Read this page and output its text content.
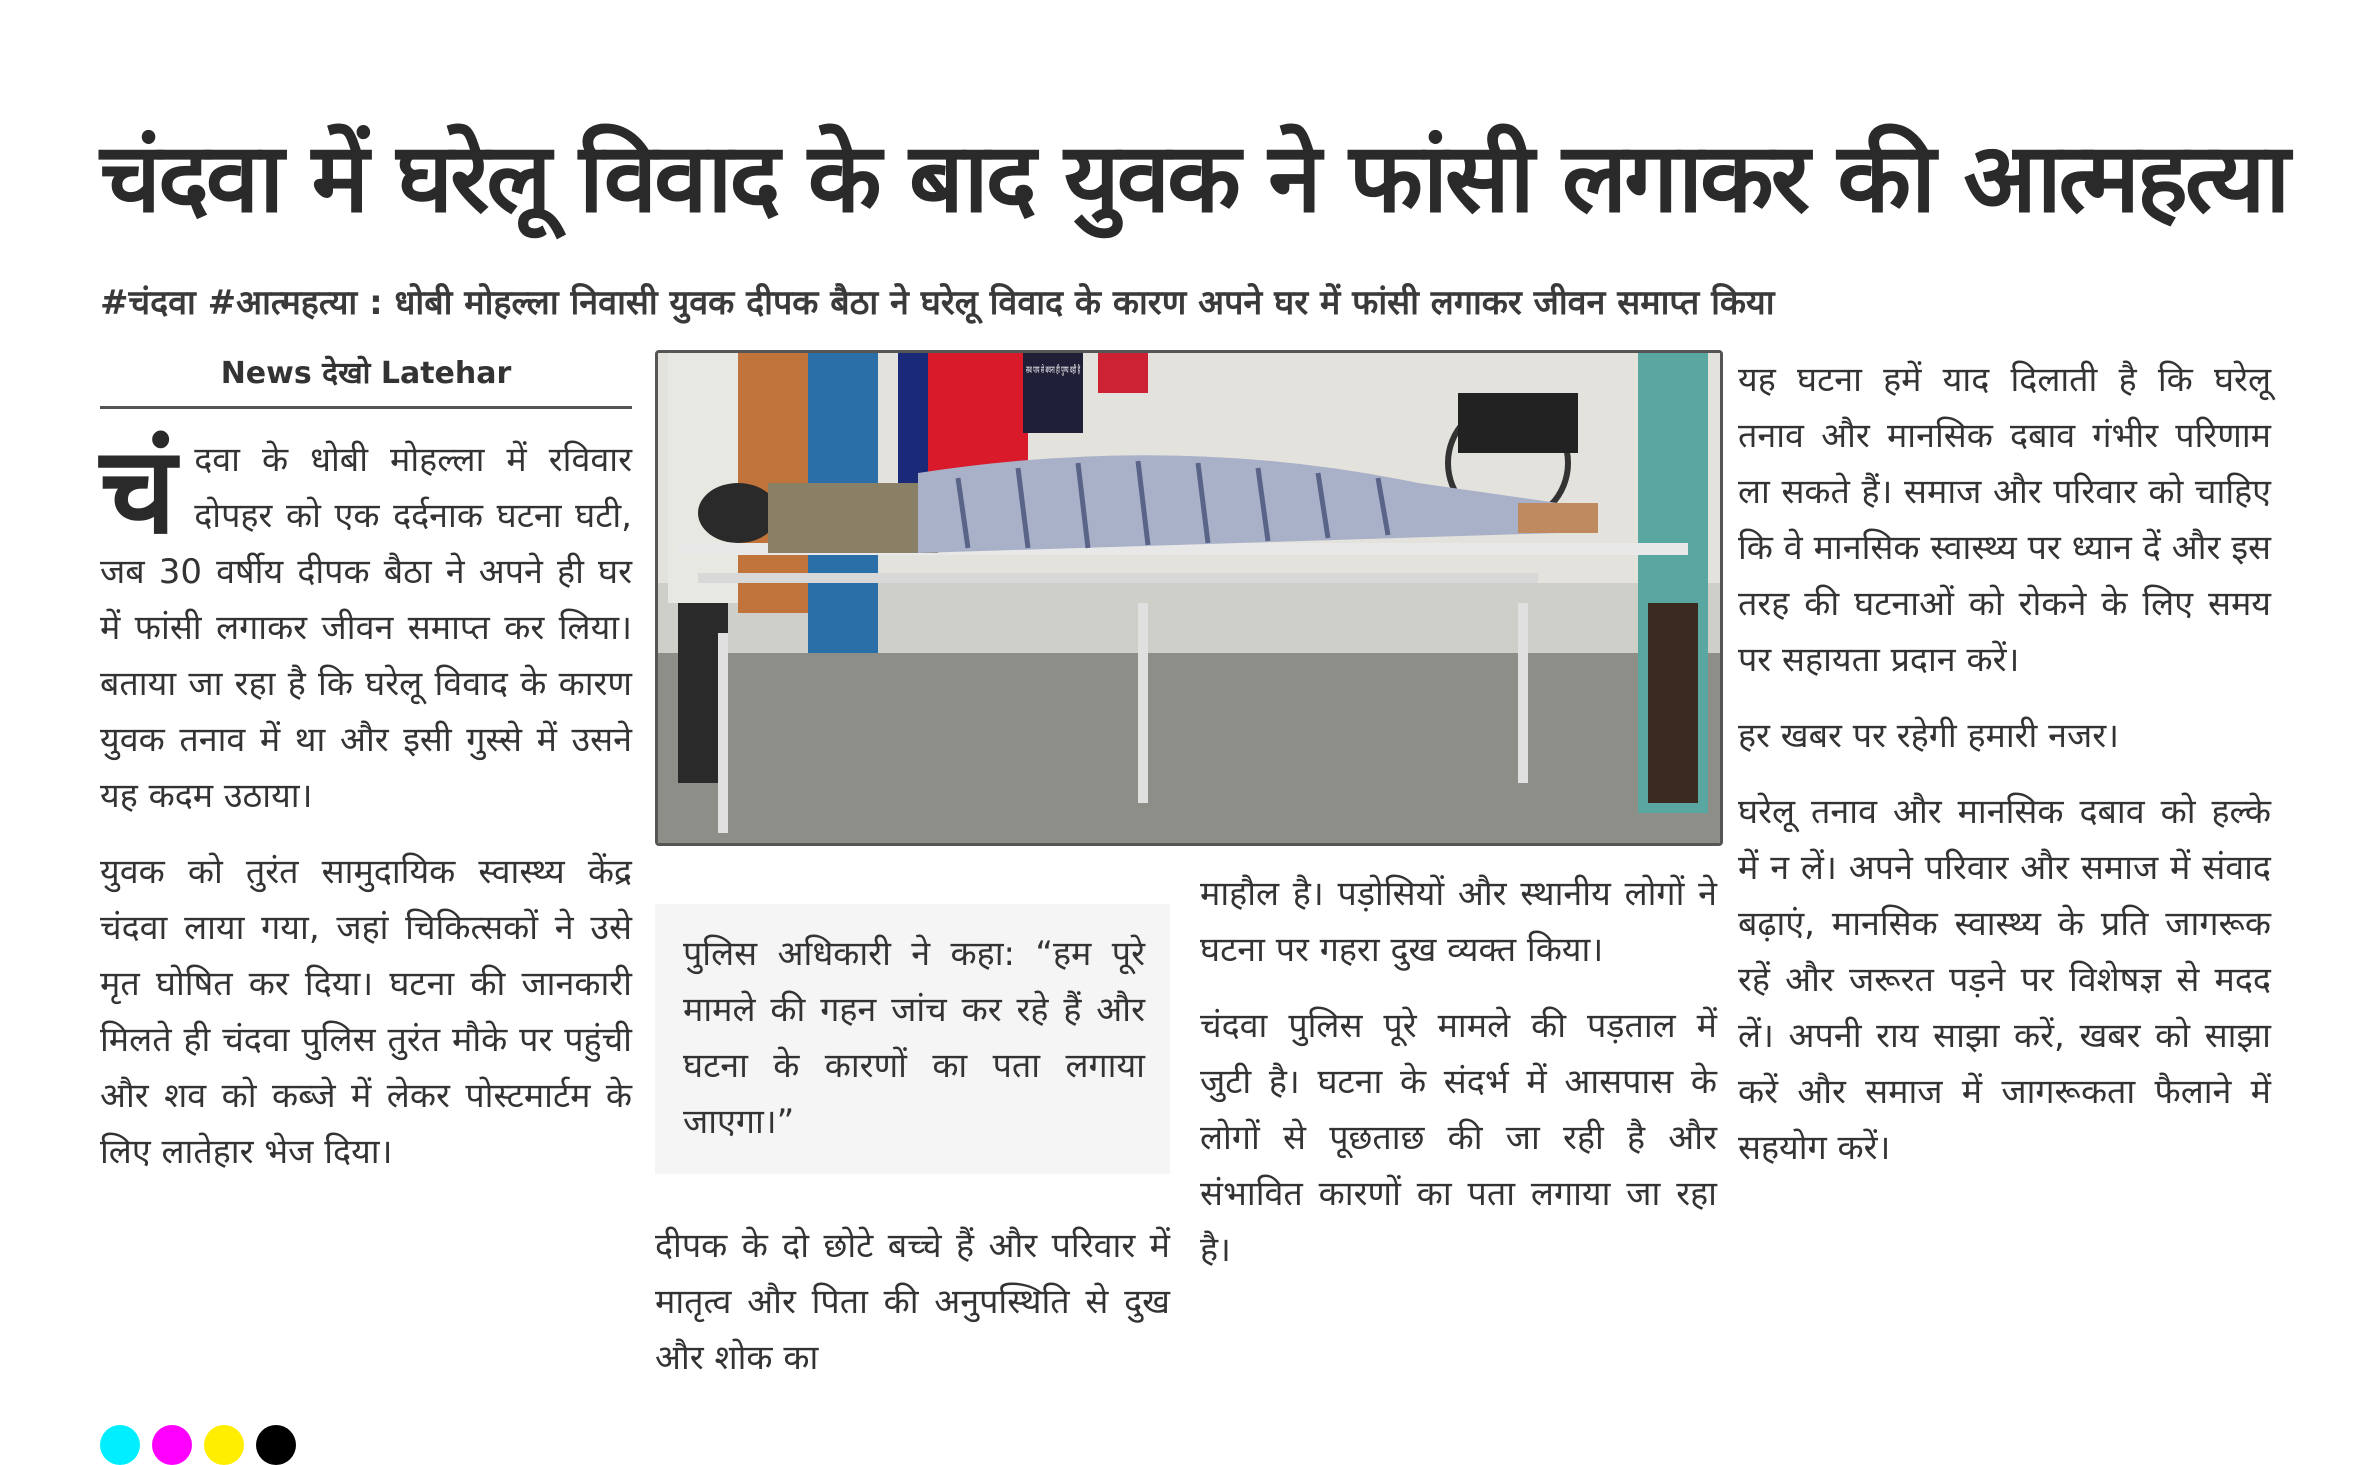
चंदवा में घरेलू विवाद के बाद युवक ने फांसी लगाकर की आत्महत्या
#चंदवा #आत्महत्या : धोबी मोहल्ला निवासी युवक दीपक बैठा ने घरेलू विवाद के कारण अपने घर में फांसी लगाकर जीवन समाप्त किया
News देखो Latehar
चं दवा के धोबी मोहल्ला में रविवार दोपहर को एक दर्दनाक घटना घटी, जब 30 वर्षीय दीपक बैठा ने अपने ही घर में फांसी लगाकर जीवन समाप्त कर लिया। बताया जा रहा है कि घरेलू विवाद के कारण युवक तनाव में था और इसी गुस्से में उसने यह कदम उठाया।

युवक को तुरंत सामुदायिक स्वास्थ्य केंद्र चंदवा लाया गया, जहां चिकित्सकों ने उसे मृत घोषित कर दिया। घटना की जानकारी मिलते ही चंदवा पुलिस तुरंत मौके पर पहुंची और शव को कब्जे में लेकर पोस्टमार्टम के लिए लातेहार भेज दिया।

पुलिस अधिकारी ने कहा: “हम पूरे मामले की गहन जांच कर रहे हैं और घटना के कारणों का पता लगाया जाएगा।”

दीपक के दो छोटे बच्चे हैं और परिवार में मातृत्व और पिता की अनुपस्थिति से दुख और शोक का

माहौल है। पड़ोसियों और स्थानीय लोगों ने घटना पर गहरा दुख व्यक्त किया।

चंदवा पुलिस पूरे मामले की पड़ताल में जुटी है। घटना के संदर्भ में आसपास के लोगों से पूछताछ की जा रही है और संभावित कारणों का पता लगाया जा रहा है।

यह घटना हमें याद दिलाती है कि घरेलू तनाव और मानसिक दबाव गंभीर परिणाम ला सकते हैं। समाज और परिवार को चाहिए कि वे मानसिक स्वास्थ्य पर ध्यान दें और इस तरह की घटनाओं को रोकने के लिए समय पर सहायता प्रदान करें।

हर खबर पर रहेगी हमारी नजर।

घरेलू तनाव और मानसिक दबाव को हल्के में न लें। अपने परिवार और समाज में संवाद बढ़ाएं, मानसिक स्वास्थ्य के प्रति जागरूक रहें और जरूरत पड़ने पर विशेषज्ञ से मदद लें। अपनी राय साझा करें, खबर को साझा करें और समाज में जागरूकता फैलाने में सहयोग करें।
